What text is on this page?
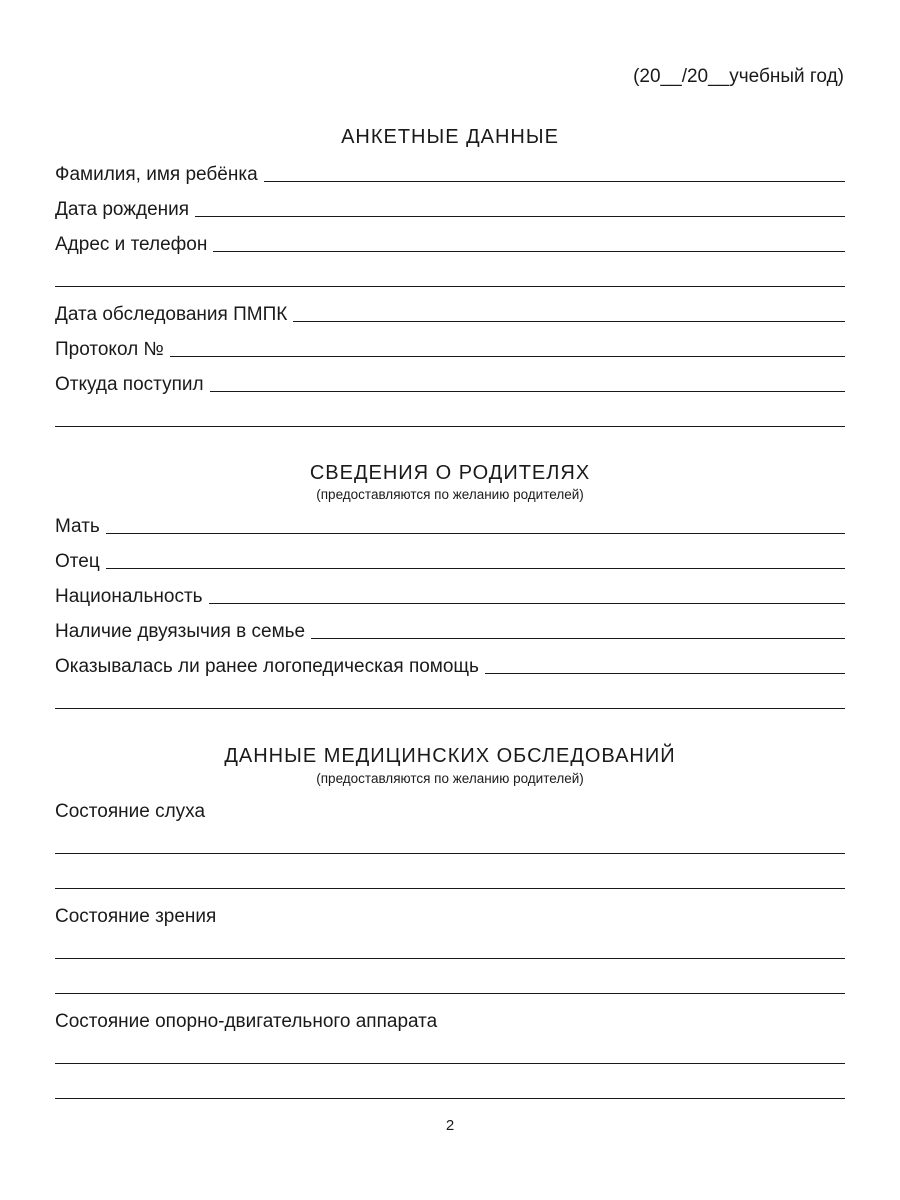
(20__/20__учебный год)
АНКЕТНЫЕ ДАННЫЕ
Фамилия, имя ребёнка
Дата рождения
Адрес и телефон
Дата обследования ПМПК
Протокол №
Откуда поступил
СВЕДЕНИЯ О РОДИТЕЛЯХ
(предоставляются по желанию родителей)
Мать
Отец
Национальность
Наличие двуязычия в семье
Оказывалась ли ранее логопедическая помощь
ДАННЫЕ МЕДИЦИНСКИХ ОБСЛЕДОВАНИЙ
(предоставляются по желанию родителей)
Состояние слуха
Состояние зрения
Состояние опорно-двигательного аппарата
2
